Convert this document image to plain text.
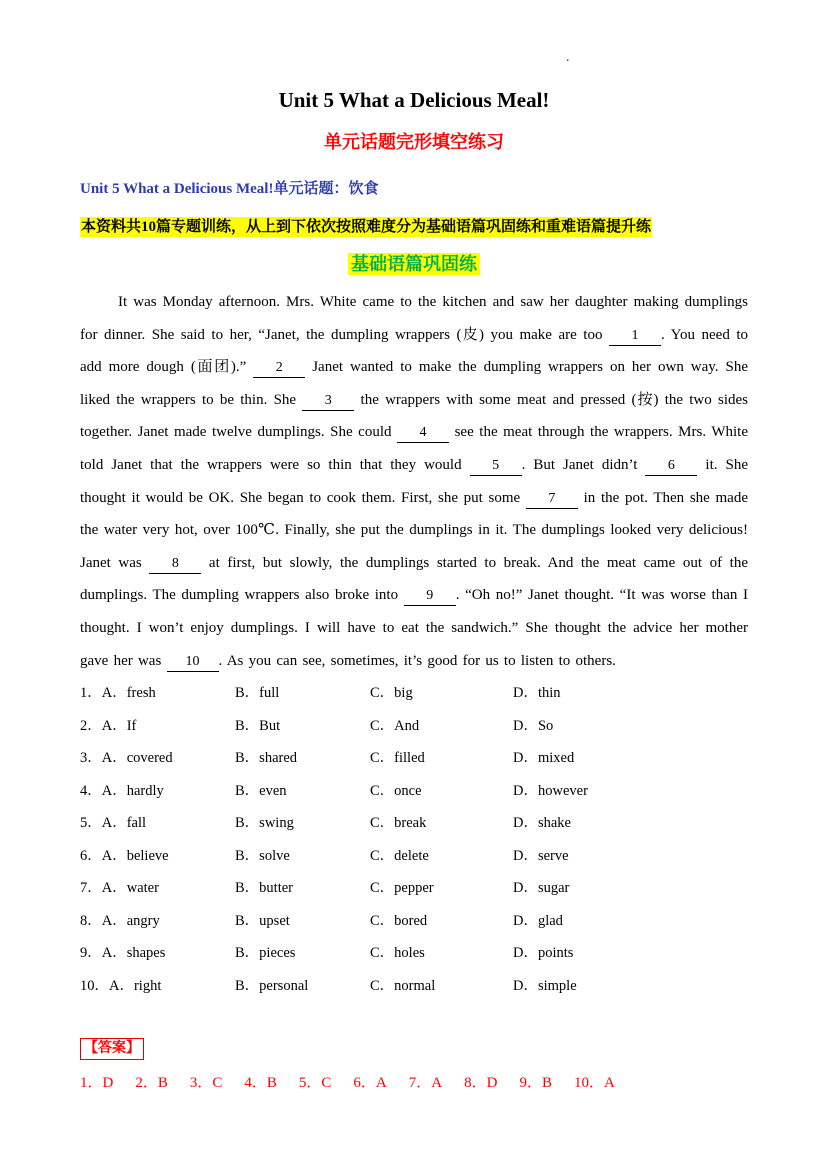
.
Unit 5 What a Delicious Meal!
单元话题完形填空练习
Unit 5 What a Delicious Meal!单元话题：饮食
本资料共10篇专题训练，从上到下依次按照难度分为基础语篇巩固练和重难语篇提升练
基础语篇巩固练
It was Monday afternoon. Mrs. White came to the kitchen and saw her daughter making dumplings for dinner. She said to her, “Janet, the dumpling wrappers (皮) you make are too 1 . You need to add more dough (面团).” 2 Janet wanted to make the dumpling wrappers on her own way. She liked the wrappers to be thin. She 3 the wrappers with some meat and pressed (按) the two sides together. Janet made twelve dumplings. She could 4 see the meat through the wrappers. Mrs. White told Janet that the wrappers were so thin that they would 5 . But Janet didn’t 6 it. She thought it would be OK. She began to cook them. First, she put some 7 in the pot. Then she made the water very hot, over 100℃. Finally, she put the dumplings in it. The dumplings looked very delicious! Janet was 8 at first, but slowly, the dumplings started to break. And the meat came out of the dumplings. The dumpling wrappers also broke into 9 . “Oh no!” Janet thought. “It was worse than I thought. I won’t enjoy dumplings. I will have to eat the sandwich.” She thought the advice her mother gave her was 10 . As you can see, sometimes, it’s good for us to listen to others.
1．A．fresh	B．full	C．big	D．thin
2．A．If	B．But	C．And	D．So
3．A．covered	B．shared	C．filled	D．mixed
4．A．hardly	B．even	C．once	D．however
5．A．fall	B．swing	C．break	D．shake
6．A．believe	B．solve	C．delete	D．serve
7．A．water	B．butter	C．pepper	D．sugar
8．A．angry	B．upset	C．bored	D．glad
9．A．shapes	B．pieces	C．holes	D．points
10．A．right	B．personal	C．normal	D．simple
【答案】
1．D 2．B 3．C 4．B 5．C 6．A 7．A 8．D 9．B 10．A
